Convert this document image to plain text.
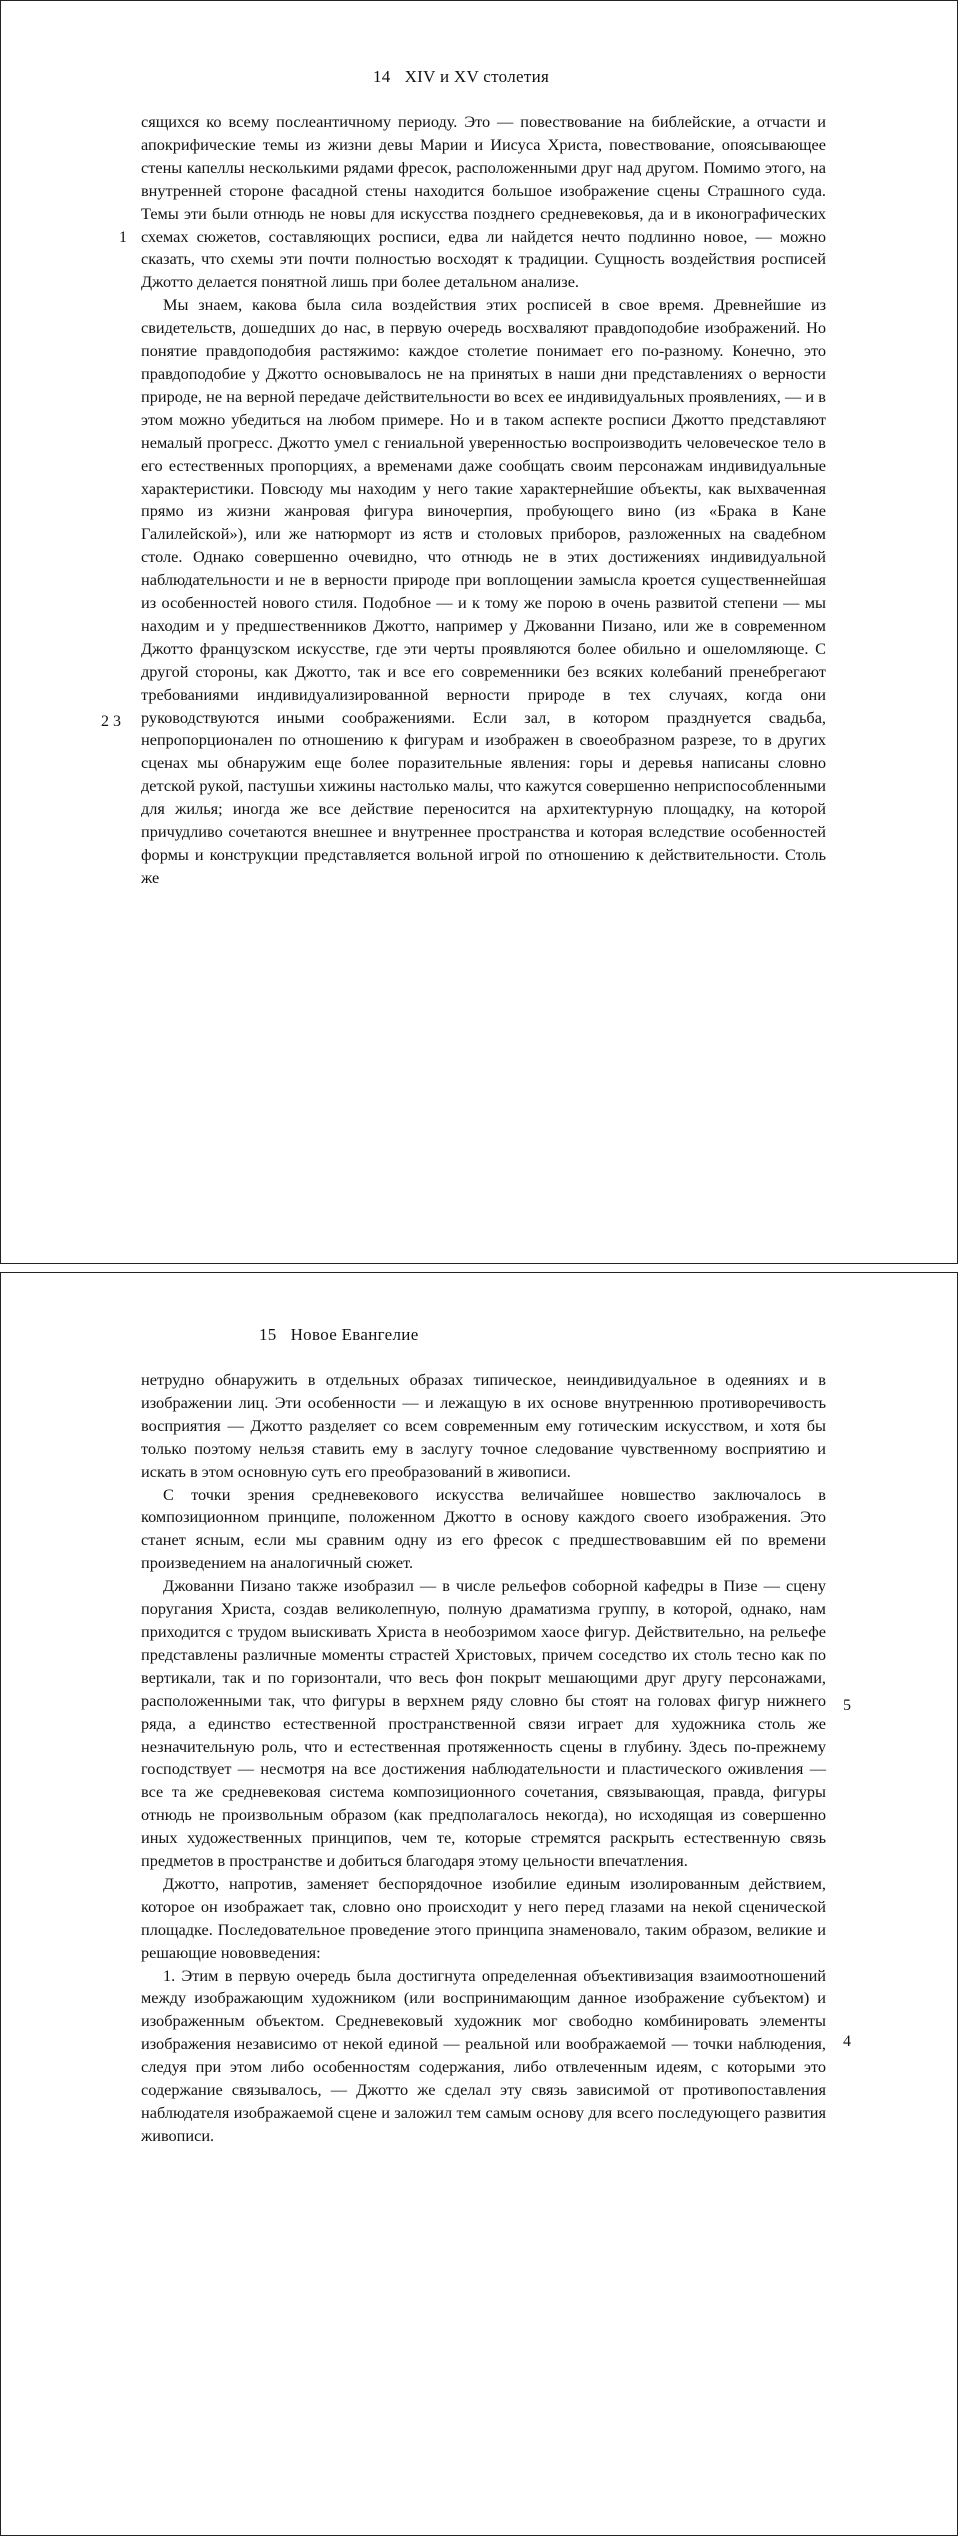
14 XIV и XV столетия
1
2 3

сящихся ко всему послеантичному периоду. Это — повествование на библейские, а отчасти и апокрифические темы из жизни девы Марии и Иисуса Христа, повествование, опоясывающее стены капеллы несколькими рядами фресок, расположенными друг над другом. Помимо этого, на внутренней стороне фасадной стены находится большое изображение сцены Страшного суда. Темы эти были отнюдь не новы для искусства позднего средневековья, да и в иконографических схемах сюжетов, составляющих росписи, едва ли найдется нечто подлинно новое, — можно сказать, что схемы эти почти полностью восходят к традиции. Сущность воздействия росписей Джотто делается понятной лишь при более детальном анализе.

Мы знаем, какова была сила воздействия этих росписей в свое время. Древнейшие из свидетельств, дошедших до нас, в первую очередь восхваляют правдоподобие изображений. Но понятие правдоподобия растяжимо: каждое столетие понимает его по-разному. Конечно, это правдоподобие у Джотто основывалось не на принятых в наши дни представлениях о верности природе, не на верной передаче действительности во всех ее индивидуальных проявлениях, — и в этом можно убедиться на любом примере. Но и в таком аспекте росписи Джотто представляют немалый прогресс. Джотто умел с гениальной уверенностью воспроизводить человеческое тело в его естественных пропорциях, а временами даже сообщать своим персонажам индивидуальные характеристики. Повсюду мы находим у него такие характернейшие объекты, как выхваченная прямо из жизни жанровая фигура виночерпия, пробующего вино (из «Брака в Кане Галилейской»), или же натюрморт из яств и столовых приборов, разложенных на свадебном столе. Однако совершенно очевидно, что отнюдь не в этих достижениях индивидуальной наблюдательности и не в верности природе при воплощении замысла кроется существеннейшая из особенностей нового стиля. Подобное — и к тому же порою в очень развитой степени — мы находим и у предшественников Джотто, например у Джованни Пизано, или же в современном Джотто французском искусстве, где эти черты проявляются более обильно и ошеломляюще. С другой стороны, как Джотто, так и все его современники без всяких колебаний пренебрегают требованиями индивидуализированной верности природе в тех случаях, когда они руководствуются иными соображениями. Если зал, в котором празднуется свадьба, непропорционален по отношению к фигурам и изображен в своеобразном разрезе, то в других сценах мы обнаружим еще более поразительные явления: горы и деревья написаны словно детской рукой, пастушьи хижины настолько малы, что кажутся совершенно неприспособленными для жилья; иногда же все действие переносится на архитектурную площадку, на которой причудливо сочетаются внешнее и внутреннее пространства и которая вследствие особенностей формы и конструкции представляется вольной игрой по отношению к действительности. Столь же

15 Новое Евангелие
5
4

нетрудно обнаружить в отдельных образах типическое, неиндивидуальное в одеяниях и в изображении лиц. Эти особенности — и лежащую в их основе внутреннюю противоречивость восприятия — Джотто разделяет со всем современным ему готическим искусством, и хотя бы только поэтому нельзя ставить ему в заслугу точное следование чувственному восприятию и искать в этом основную суть его преобразований в живописи.

С точки зрения средневекового искусства величайшее новшество заключалось в композиционном принципе, положенном Джотто в основу каждого своего изображения. Это станет ясным, если мы сравним одну из его фресок с предшествовавшим ей по времени произведением на аналогичный сюжет.

Джованни Пизано также изобразил — в числе рельефов соборной кафедры в Пизе — сцену поругания Христа, создав великолепную, полную драматизма группу, в которой, однако, нам приходится с трудом выискивать Христа в необозримом хаосе фигур. Действительно, на рельефе представлены различные моменты страстей Христовых, причем соседство их столь тесно как по вертикали, так и по горизонтали, что весь фон покрыт мешающими друг другу персонажами, расположенными так, что фигуры в верхнем ряду словно бы стоят на головах фигур нижнего ряда, а единство естественной пространственной связи играет для художника столь же незначительную роль, что и естественная протяженность сцены в глубину. Здесь по-прежнему господствует — несмотря на все достижения наблюдательности и пластического оживления — все та же средневековая система композиционного сочетания, связывающая, правда, фигуры отнюдь не произвольным образом (как предполагалось некогда), но исходящая из совершенно иных художественных принципов, чем те, которые стремятся раскрыть естественную связь предметов в пространстве и добиться благодаря этому цельности впечатления.

Джотто, напротив, заменяет беспорядочное изобилие единым изолированным действием, которое он изображает так, словно оно происходит у него перед глазами на некой сценической площадке. Последовательное проведение этого принципа знаменовало, таким образом, великие и решающие нововведения:

1. Этим в первую очередь была достигнута определенная объективизация взаимоотношений между изображающим художником (или воспринимающим данное изображение субъектом) и изображенным объектом. Средневековый художник мог свободно комбинировать элементы изображения независимо от некой единой — реальной или воображаемой — точки наблюдения, следуя при этом либо особенностям содержания, либо отвлеченным идеям, с которыми это содержание связывалось, — Джотто же сделал эту связь зависимой от противопоставления наблюдателя изображаемой сцене и заложил тем самым основу для всего последующего развития живописи.
